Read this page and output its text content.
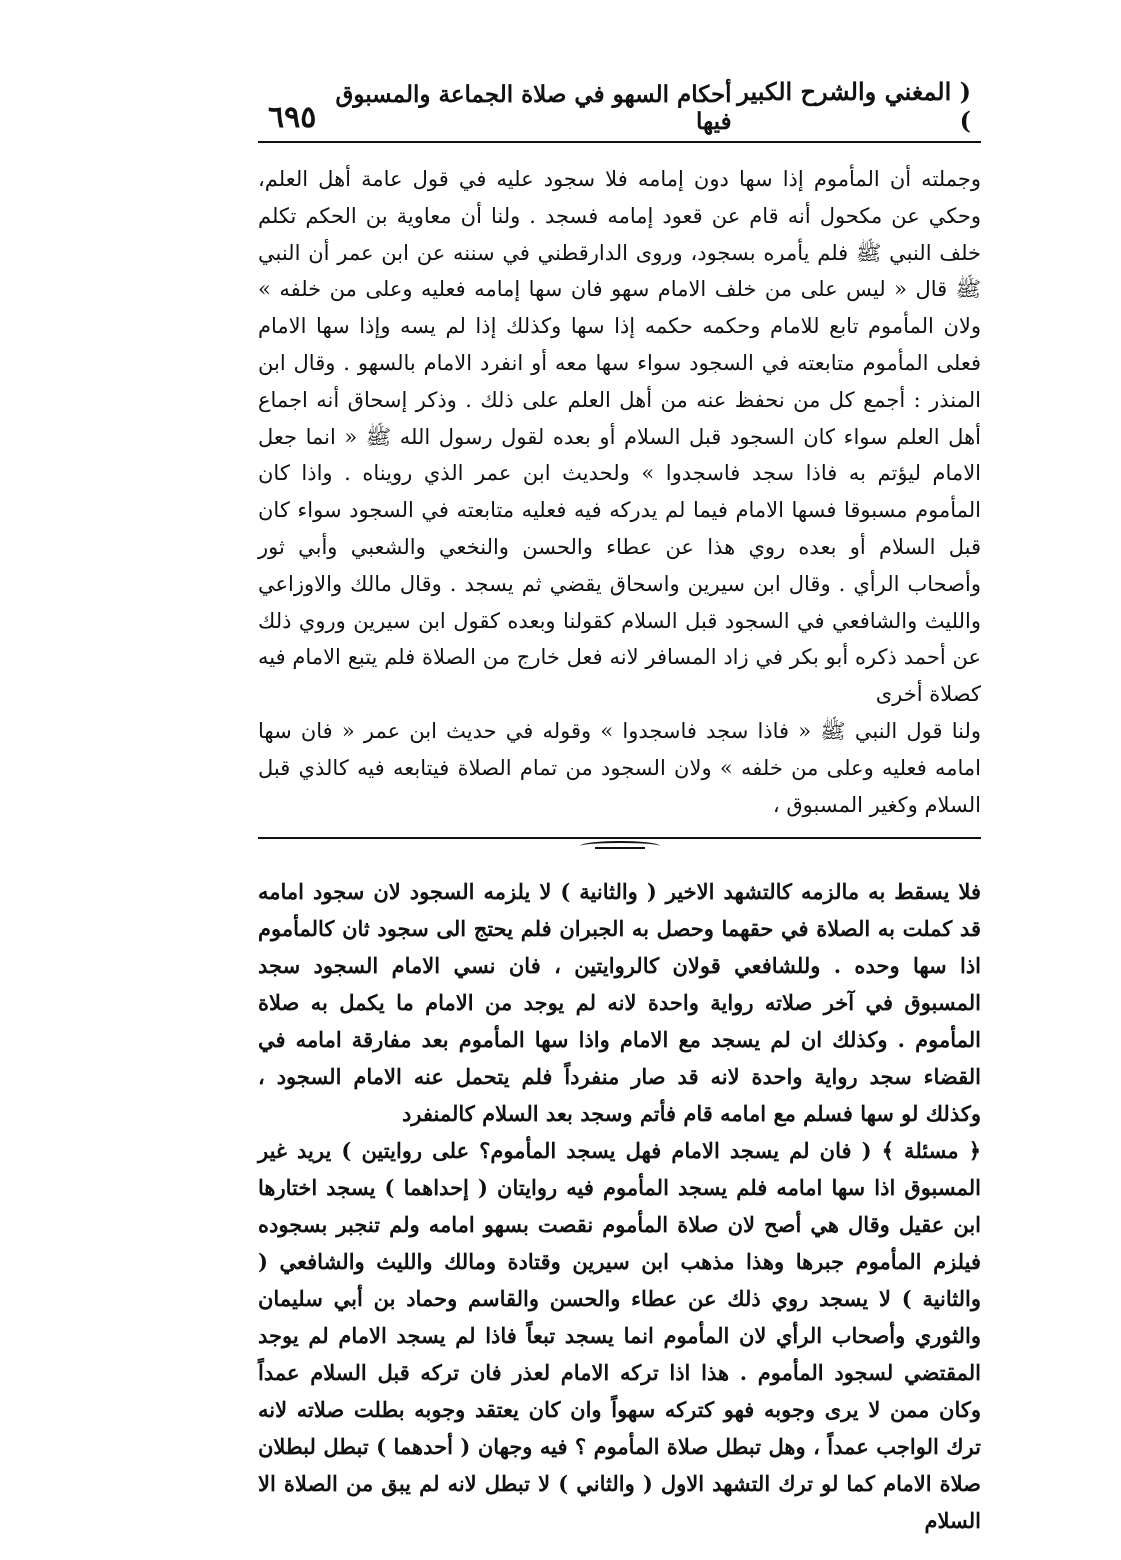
( المغني والشرح الكبير )
أحكام السهو في صلاة الجماعة والمسبوق فيها
٦٩٥

وجملته أن المأموم إذا سها دون إمامه فلا سجود عليه في قول عامة أهل العلم، وحكي عن مكحول أنه قام عن قعود إمامه فسجد . ولنا أن معاوية بن الحكم تكلم خلف النبي ﷺ فلم يأمره بسجود، وروى الدارقطني في سننه عن ابن عمر أن النبي ﷺ قال « ليس على من خلف الامام سهو فان سها إمامه فعليه وعلى من خلفه » ولان المأموم تابع للامام وحكمه حكمه إذا سها وكذلك إذا لم يسه وإذا سها الامام فعلى المأموم متابعته في السجود سواء سها معه أو انفرد الامام بالسهو . وقال ابن المنذر : أجمع كل من نحفظ عنه من أهل العلم على ذلك . وذكر إسحاق أنه اجماع أهل العلم سواء كان السجود قبل السلام أو بعده لقول رسول الله ﷺ « انما جعل الامام ليؤتم به فاذا سجد فاسجدوا » ولحديث ابن عمر الذي رويناه . واذا كان المأموم مسبوقا فسها الامام فيما لم يدركه فيه فعليه متابعته في السجود سواء كان قبل السلام أو بعده روي هذا عن عطاء والحسن والنخعي والشعبي وأبي ثور وأصحاب الرأي . وقال ابن سيرين واسحاق يقضي ثم يسجد . وقال مالك والاوزاعي والليث والشافعي في السجود قبل السلام كقولنا وبعده كقول ابن سيرين وروي ذلك عن أحمد ذكره أبو بكر في زاد المسافر لانه فعل خارج من الصلاة فلم يتبع الامام فيه كصلاة أخرى

ولنا قول النبي ﷺ « فاذا سجد فاسجدوا » وقوله في حديث ابن عمر « فان سها امامه فعليه وعلى من خلفه » ولان السجود من تمام الصلاة فيتابعه فيه كالذي قبل السلام وكغير المسبوق ،

فلا يسقط به مالزمه كالتشهد الاخير ( والثانية ) لا يلزمه السجود لان سجود امامه قد كملت به الصلاة في حقهما وحصل به الجبران فلم يحتج الى سجود ثان كالمأموم اذا سها وحده . وللشافعي قولان كالروايتين ، فان نسي الامام السجود سجد المسبوق في آخر صلاته رواية واحدة لانه لم يوجد من الامام ما يكمل به صلاة المأموم . وكذلك ان لم يسجد مع الامام واذا سها المأموم بعد مفارقة امامه في القضاء سجد رواية واحدة لانه قد صار منفرداً فلم يتحمل عنه الامام السجود ، وكذلك لو سها فسلم مع امامه قام فأتم وسجد بعد السلام كالمنفرد

﴿ مسئلة ﴾ ( فان لم يسجد الامام فهل يسجد المأموم؟ على روايتين ) يريد غير المسبوق اذا سها امامه فلم يسجد المأموم فيه روايتان ( إحداهما ) يسجد اختارها ابن عقيل وقال هي أصح لان صلاة المأموم نقصت بسهو امامه ولم تنجبر بسجوده فيلزم المأموم جبرها وهذا مذهب ابن سيرين وقتادة ومالك والليث والشافعي ( والثانية ) لا يسجد روي ذلك عن عطاء والحسن والقاسم وحماد بن أبي سليمان والثوري وأصحاب الرأي لان المأموم انما يسجد تبعاً فاذا لم يسجد الامام لم يوجد المقتضي لسجود المأموم . هذا اذا تركه الامام لعذر فان تركه قبل السلام عمداً وكان ممن لا يرى وجوبه فهو كتركه سهواً وان كان يعتقد وجوبه بطلت صلاته لانه ترك الواجب عمداً ، وهل تبطل صلاة المأموم ؟ فيه وجهان ( أحدهما ) تبطل لبطلان صلاة الامام كما لو ترك التشهد الاول ( والثاني ) لا تبطل لانه لم يبق من الصلاة الا السلام
